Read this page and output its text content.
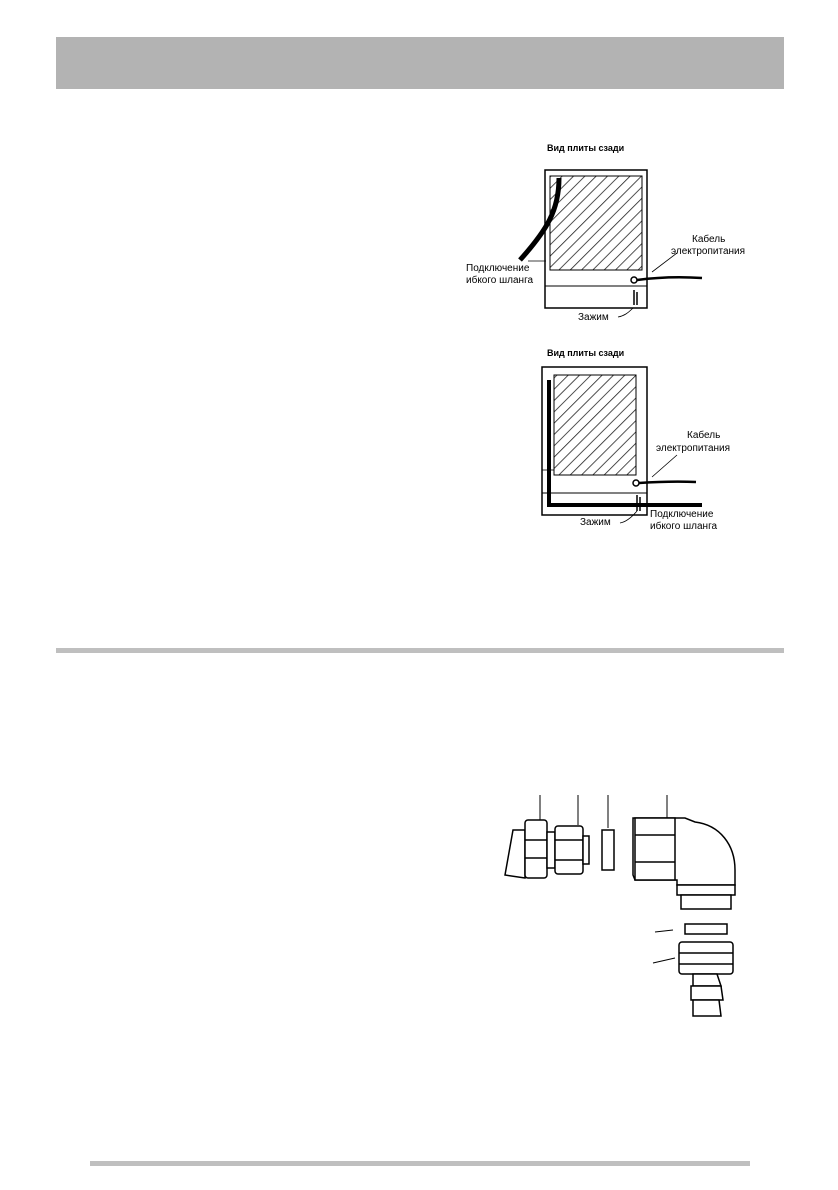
Вид плиты сзади
Кабель
электропитания
Подключение
ибкого шланга
Зажим
Вид плиты сзади
Кабель
электропитания
Подключение
ибкого шланга
Зажим
